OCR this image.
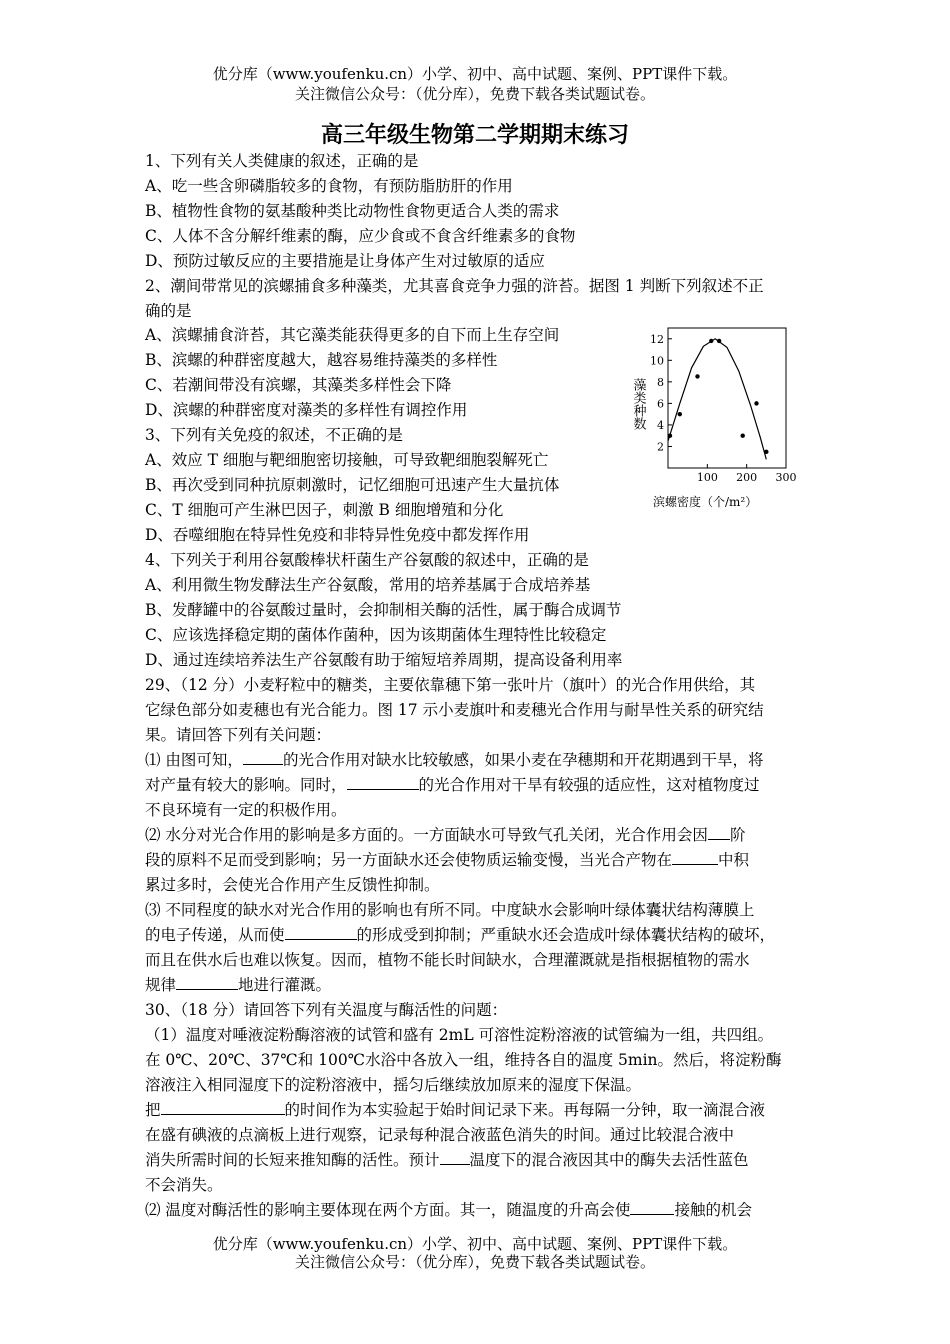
优分库（www.youfenku.cn）小学、初中、高中试题、案例、PPT课件下载。
关注微信公众号：（优分库），免费下载各类试题试卷。
高三年级生物第二学期期末练习
1、下列有关人类健康的叙述，正确的是
A、吃一些含卵磷脂较多的食物，有预防脂肪肝的作用
B、植物性食物的氨基酸种类比动物性食物更适合人类的需求
C、人体不含分解纤维素的酶，应少食或不食含纤维素多的食物
D、预防过敏反应的主要措施是让身体产生对过敏原的适应
2、潮间带常见的滨螺捕食多种藻类，尤其喜食竞争力强的浒苔。据图 1 判断下列叙述不正
确的是
A、滨螺捕食浒苔，其它藻类能获得更多的自下而上生存空间
B、滨螺的种群密度越大，越容易维持藻类的多样性
C、若潮间带没有滨螺，其藻类多样性会下降
D、滨螺的种群密度对藻类的多样性有调控作用
3、下列有关免疫的叙述，不正确的是
A、效应 T 细胞与靶细胞密切接触，可导致靶细胞裂解死亡
B、再次受到同种抗原刺激时，记忆细胞可迅速产生大量抗体
C、T 细胞可产生淋巴因子，刺激 B 细胞增殖和分化
D、吞噬细胞在特异性免疫和非特异性免疫中都发挥作用
4、下列关于利用谷氨酸棒状杆菌生产谷氨酸的叙述中，正确的是
A、利用微生物发酵法生产谷氨酸，常用的培养基属于合成培养基
B、发酵罐中的谷氨酸过量时，会抑制相关酶的活性，属于酶合成调节
C、应该选择稳定期的菌体作菌种，因为该期菌体生理特性比较稳定
D、通过连续培养法生产谷氨酸有助于缩短培养周期，提高设备利用率
29、（12 分）小麦籽粒中的糖类，主要依靠穗下第一张叶片（旗叶）的光合作用供给，其
它绿色部分如麦穗也有光合能力。图 17 示小麦旗叶和麦穗光合作用与耐旱性关系的研究结
果。请回答下列有关问题：
⑴ 由图可知，	的光合作用对缺水比较敏感，如果小麦在孕穗期和开花期遇到干旱，将
对产量有较大的影响。同时，	的光合作用对干旱有较强的适应性，这对植物度过
不良环境有一定的积极作用。
⑵ 水分对光合作用的影响是多方面的。一方面缺水可导致气孔关闭，光合作用会因 阶
段的原料不足而受到影响；另一方面缺水还会使物质运输变慢，当光合产物在	中积
累过多时，会使光合作用产生反馈性抑制。
⑶ 不同程度的缺水对光合作用的影响也有所不同。中度缺水会影响叶绿体囊状结构薄膜上
的电子传递，从而使	的形成受到抑制；严重缺水还会造成叶绿体囊状结构的破坏，
而且在供水后也难以恢复。因而，植物不能长时间缺水，合理灌溉就是指根据植物的需水
规律	地进行灌溉。
30、（18 分）请回答下列有关温度与酶活性的问题：
（1）温度对唾液淀粉酶溶液的试管和盛有 2mL 可溶性淀粉溶液的试管编为一组，共四组。
在 0℃、20℃、37℃和 100℃水浴中各放入一组，维持各自的温度 5min。然后，将淀粉酶
溶液注入相同湿度下的淀粉溶液中，摇匀后继续放加原来的湿度下保温。
把	的时间作为本实验起于始时间记录下来。再每隔一分钟，取一滴混合液
在盛有碘液的点滴板上进行观察，记录每种混合液蓝色消失的时间。通过比较混合液中
消失所需时间的长短来推知酶的活性。预计 温度下的混合液因其中的酶失去活性蓝色
不会消失。
⑵ 温度对酶活性的影响主要体现在两个方面。其一，随温度的升高会使	接触的机会
优分库（www.youfenku.cn）小学、初中、高中试题、案例、PPT课件下载。
关注微信公众号：（优分库），免费下载各类试题试卷。
藻类种数
滨螺密度（个/m²）
2
4
6
8
10
12
100 200 300
